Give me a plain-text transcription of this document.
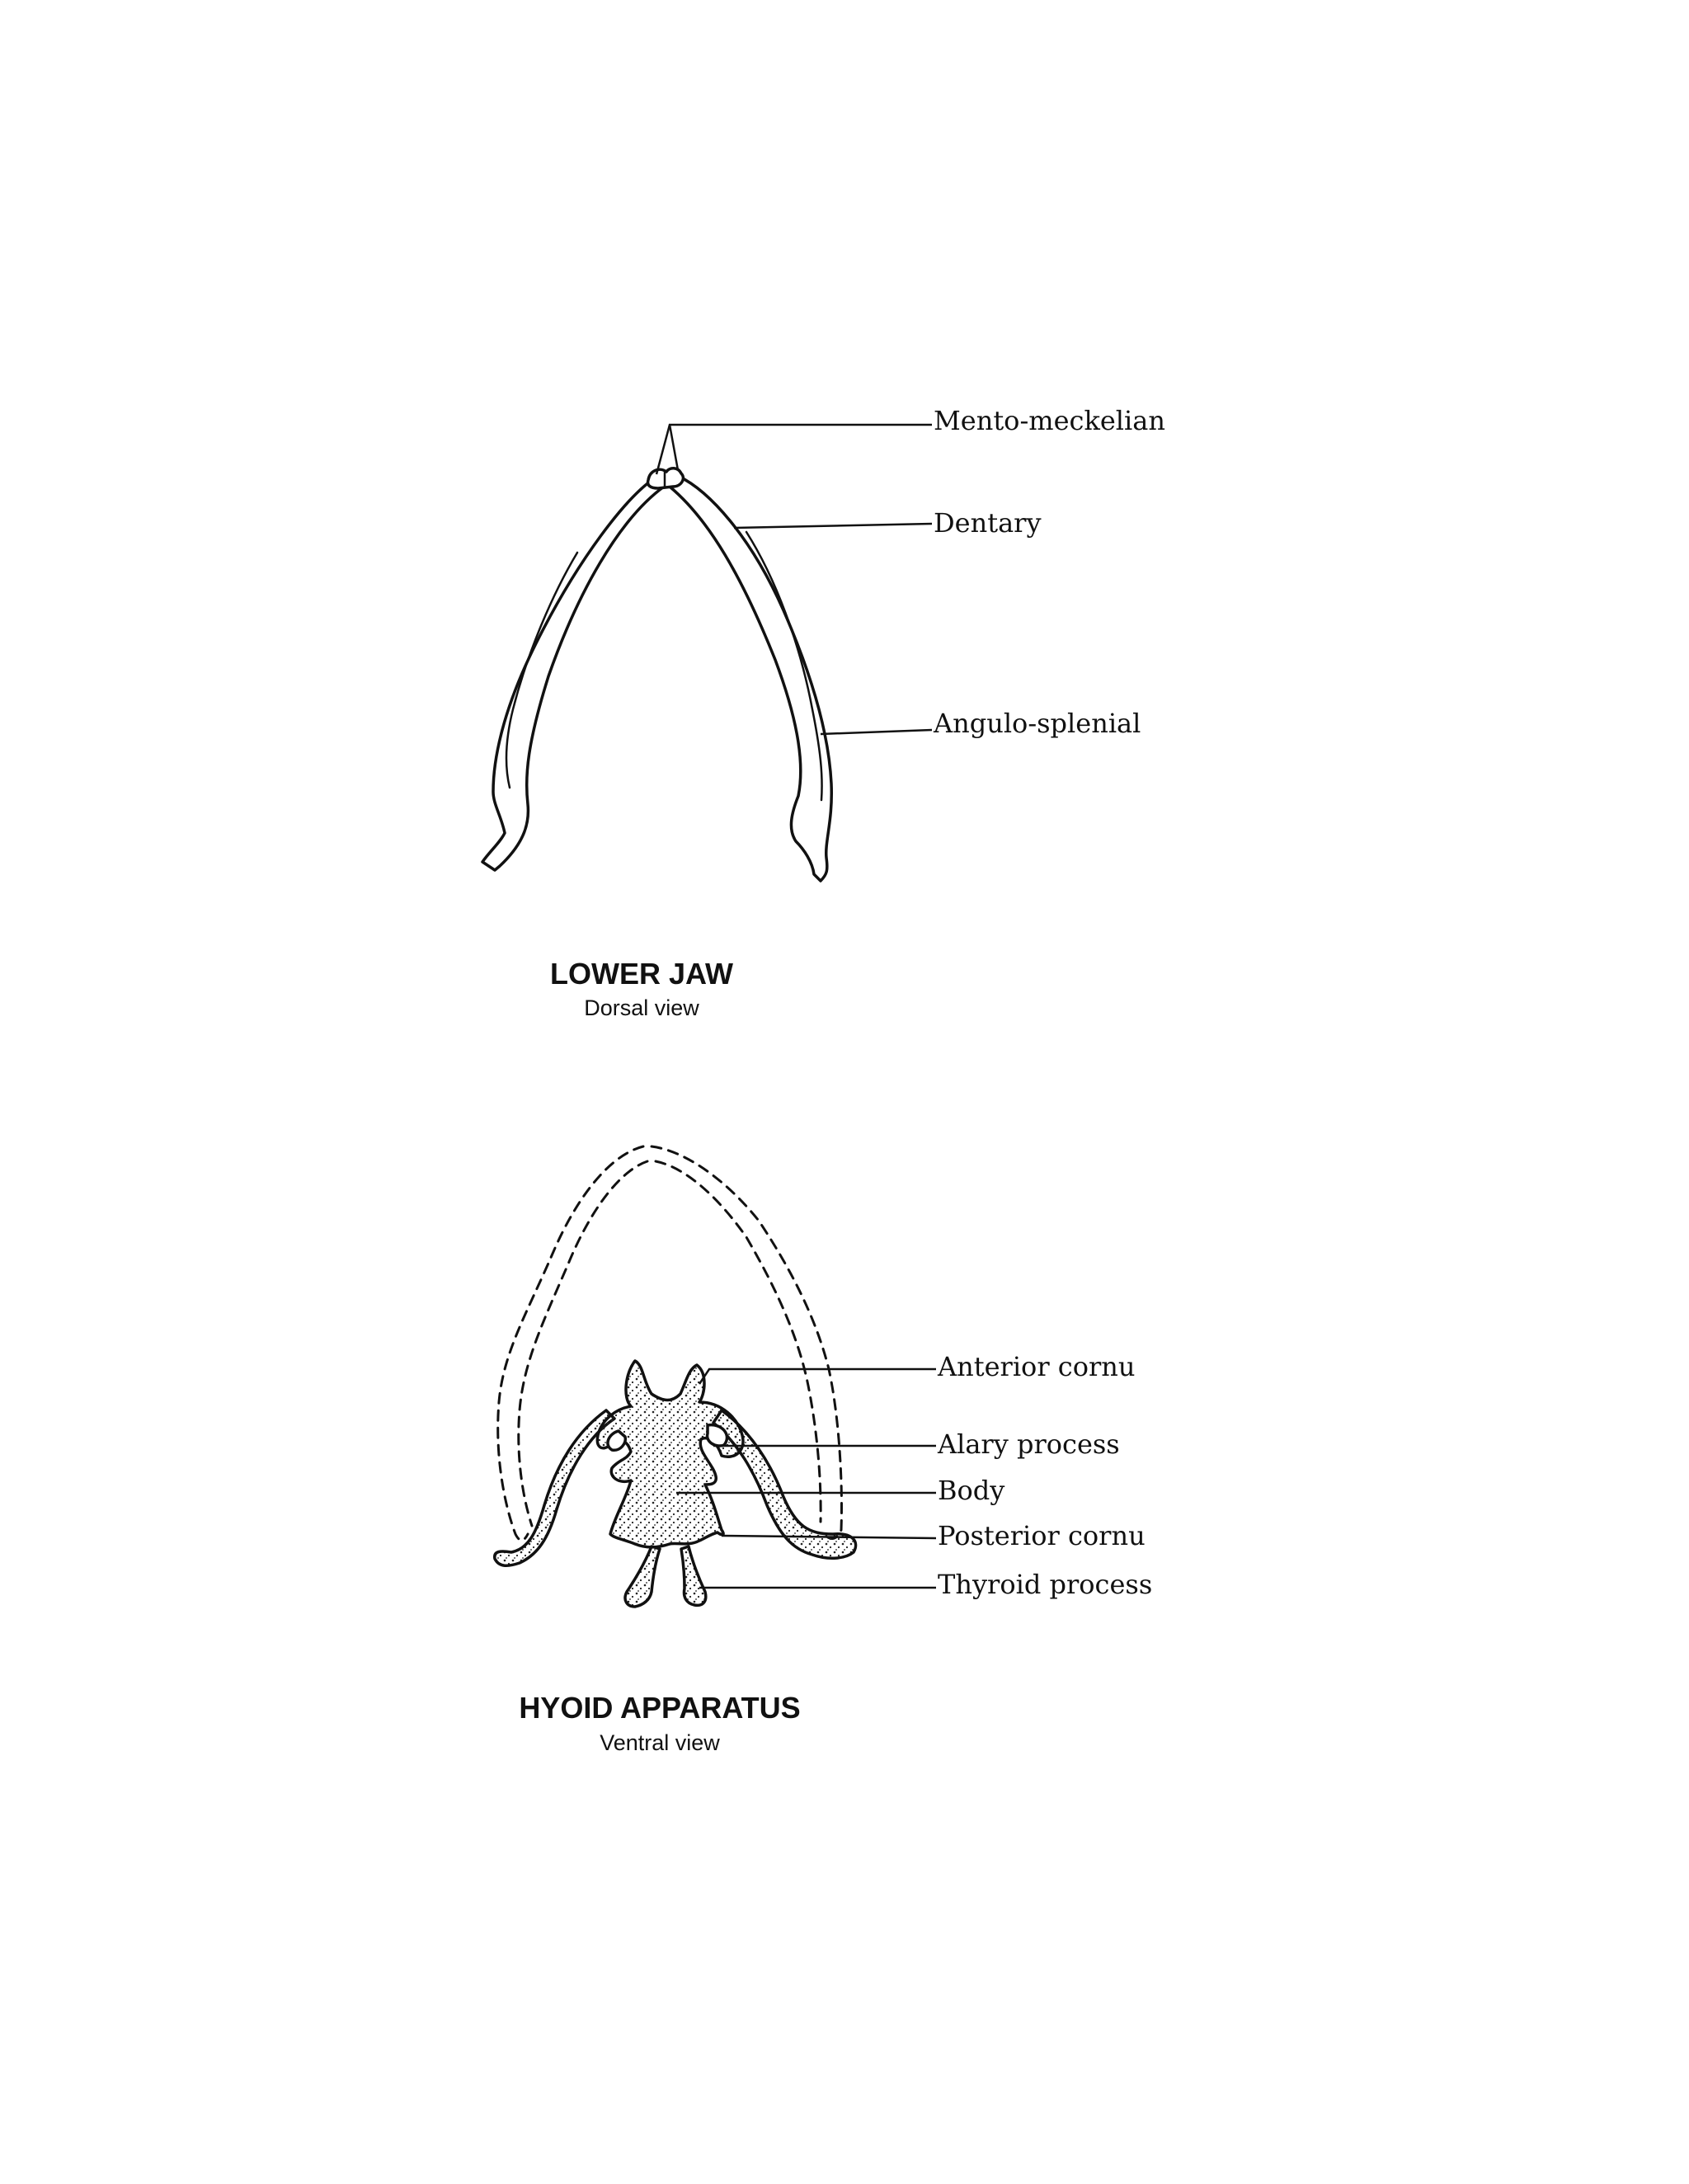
Mento-meckelian
Dentary
Angulo-splenial
LOWER JAW
Dorsal view
Anterior cornu
Alary process
Body
Posterior cornu
Thyroid process
HYOID APPARATUS
Ventral view
